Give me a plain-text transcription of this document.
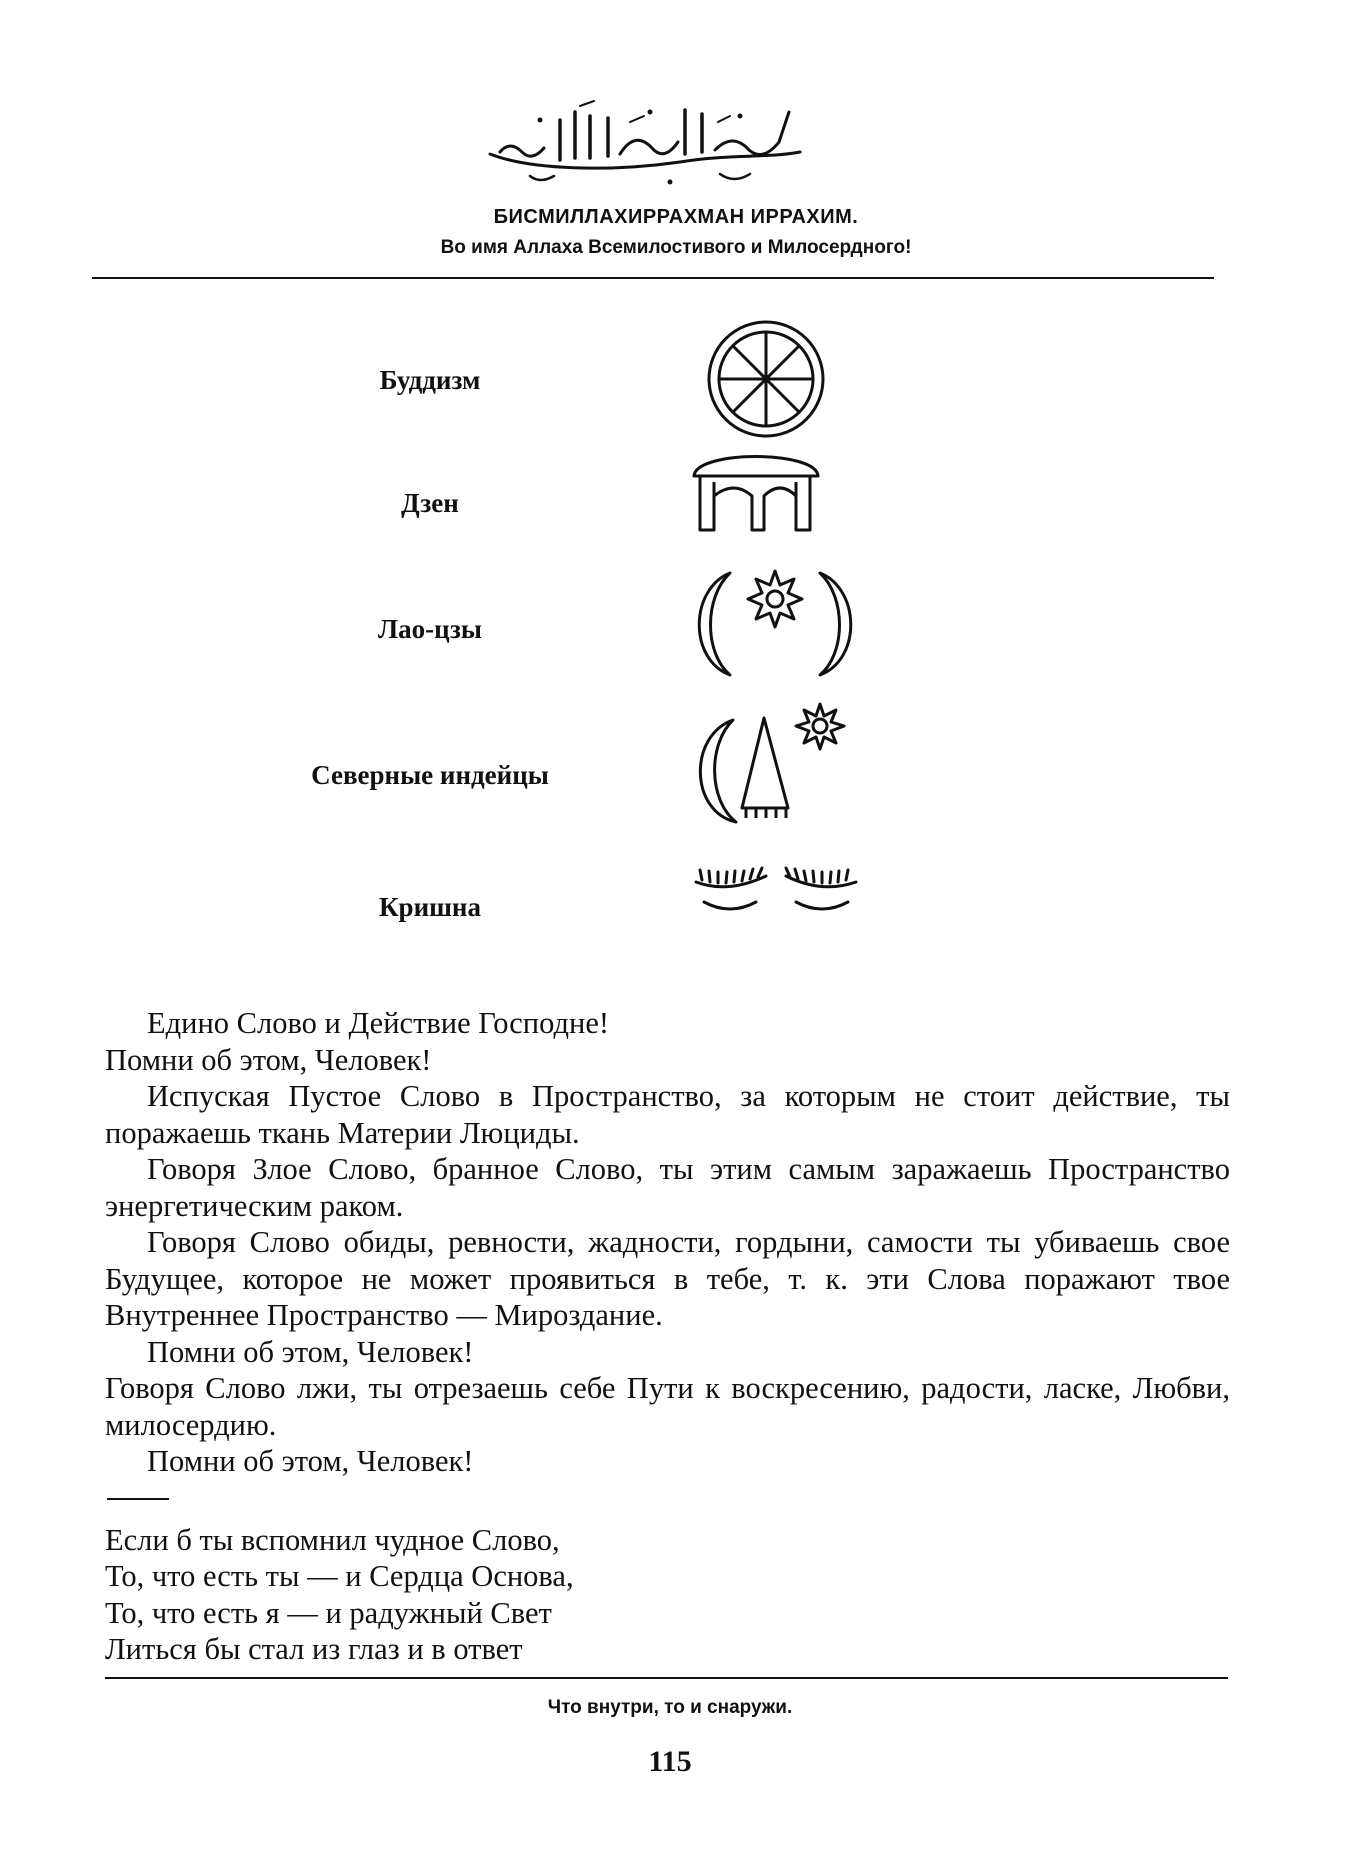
БИСМИЛЛАХИРРАХМАН ИРРАХИМ.
Во имя Аллаха Всемилостивого и Милосердного!
Буддизм
Дзен
Лао-цзы
Северные индейцы
Кришна

Едино Слово и Действие Господне!

Помни об этом, Человек!

Испуская Пустое Слово в Пространство, за которым не стоит действие, ты поражаешь ткань Материи Люциды.

Говоря Злое Слово, бранное Слово, ты этим самым заражаешь Пространство энергетическим раком.

Говоря Слово обиды, ревности, жадности, гордыни, самости ты убиваешь свое Будущее, которое не может проявиться в тебе, т. к. эти Слова поражают твое Внутреннее Пространство — Мироздание.

Помни об этом, Человек!

Говоря Слово лжи, ты отрезаешь себе Пути к воскресению, радости, ласке, Любви, милосердию.

Помни об этом, Человек!

Если б ты вспомнил чудное Слово,

То, что есть ты — и Сердца Основа,

То, что есть я — и радужный Свет

Литься бы стал из глаз и в ответ

Что внутри, то и снаружи.
115
